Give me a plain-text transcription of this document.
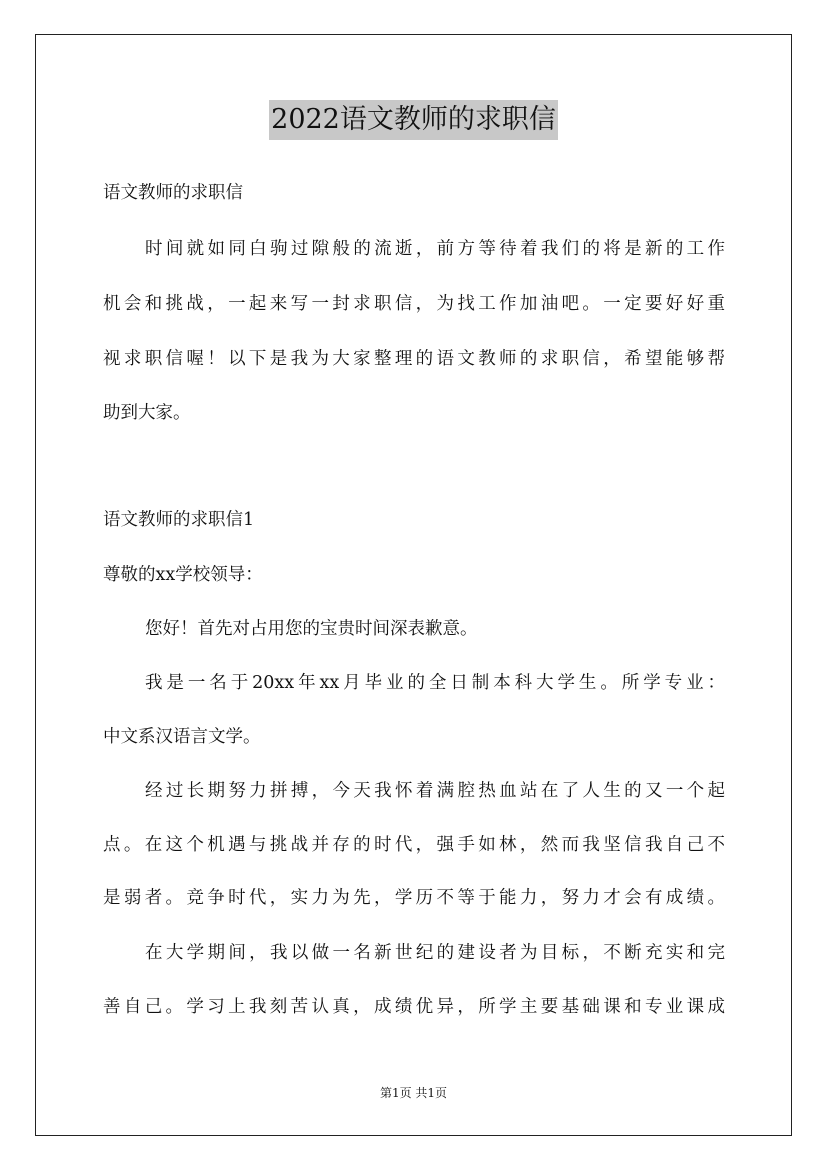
2022语文教师的求职信
语文教师的求职信
时间就如同白驹过隙般的流逝，前方等待着我们的将是新的工作
机会和挑战，一起来写一封求职信，为找工作加油吧。一定要好好重
视求职信喔！以下是我为大家整理的语文教师的求职信，希望能够帮
助到大家。
语文教师的求职信1
尊敬的xx学校领导：
您好！首先对占用您的宝贵时间深表歉意。
我是一名于20xx年xx月毕业的全日制本科大学生。所学专业：
中文系汉语言文学。
经过长期努力拼搏，今天我怀着满腔热血站在了人生的又一个起
点。在这个机遇与挑战并存的时代，强手如林，然而我坚信我自己不
是弱者。竞争时代，实力为先，学历不等于能力，努力才会有成绩。
在大学期间，我以做一名新世纪的建设者为目标，不断充实和完
善自己。学习上我刻苦认真，成绩优异，所学主要基础课和专业课成
第1页 共1页
